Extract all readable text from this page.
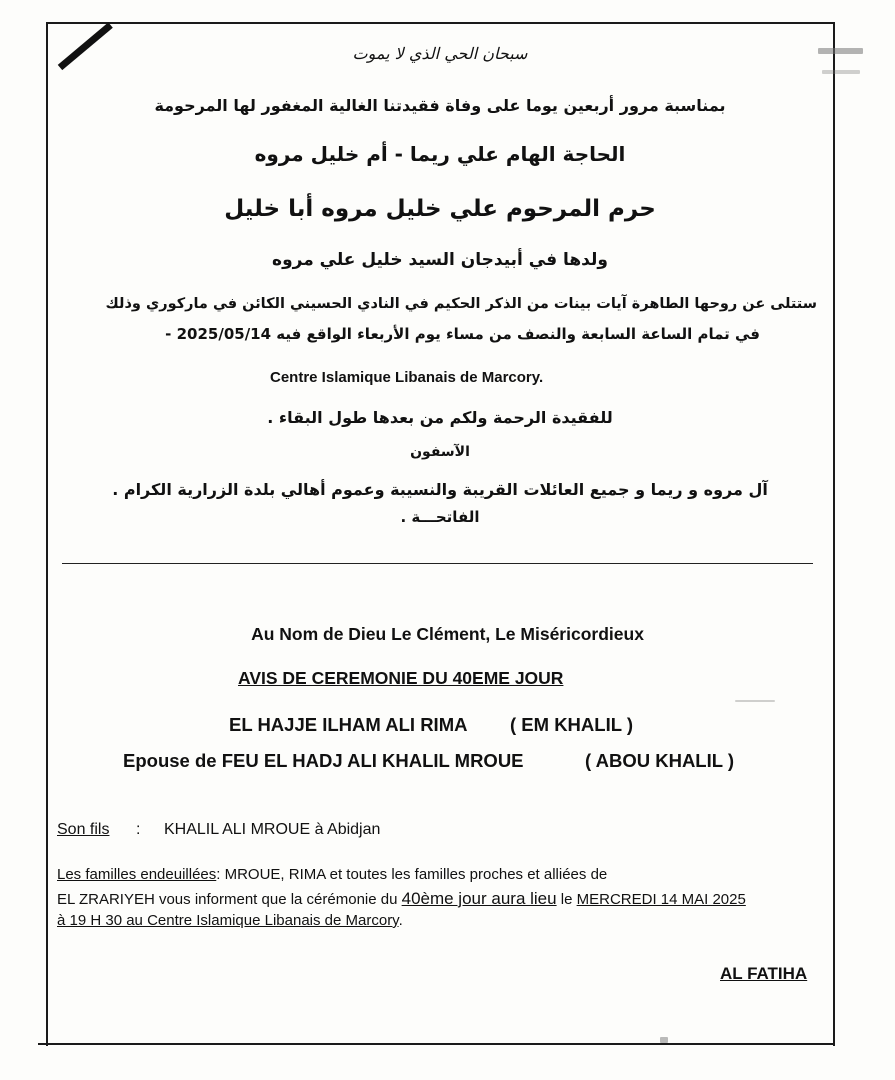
سبحان الحي الذي لا يموت
بمناسبة مرور أربعين يوما على وفاة فقيدتنا الغالية المغفور لها المرحومة
الحاجة الهام علي ريما - أم خليل مروه
حرم المرحوم علي خليل مروه أبا خليل
ولدها في أبيدجان السيد خليل علي مروه
ستتلى عن روحها الطاهرة آيات بينات من الذكر الحكيم في النادي الحسيني الكائن في ماركوري وذلك
في تمام الساعة السابعة والنصف من مساء يوم الأربعاء الواقع فيه 2025/05/14 -
Centre Islamique Libanais de Marcory.
للفقيدة الرحمة ولكم من بعدها طول البقاء .
الآسفون
آل مروه و ريما و جميع العائلات القريبة والنسيبة وعموم أهالي بلدة الزرارية الكرام .
الفاتحـــة .
Au Nom de Dieu Le Clément, Le Miséricordieux
AVIS DE CEREMONIE DU 40EME JOUR
EL HAJJE ILHAM ALI RIMA ( EM KHALIL )
Epouse de FEU EL HADJ ALI KHALIL MROUE	( ABOU KHALIL )
Son fils : KHALIL ALI MROUE à Abidjan
Les familles endeuillées: MROUE, RIMA et toutes les familles proches et alliées de
EL ZRARIYEH vous informent que la cérémonie du 40ème jour aura lieu le MERCREDI 14 MAI 2025
à 19 H 30 au Centre Islamique Libanais de Marcory.
AL FATIHA
